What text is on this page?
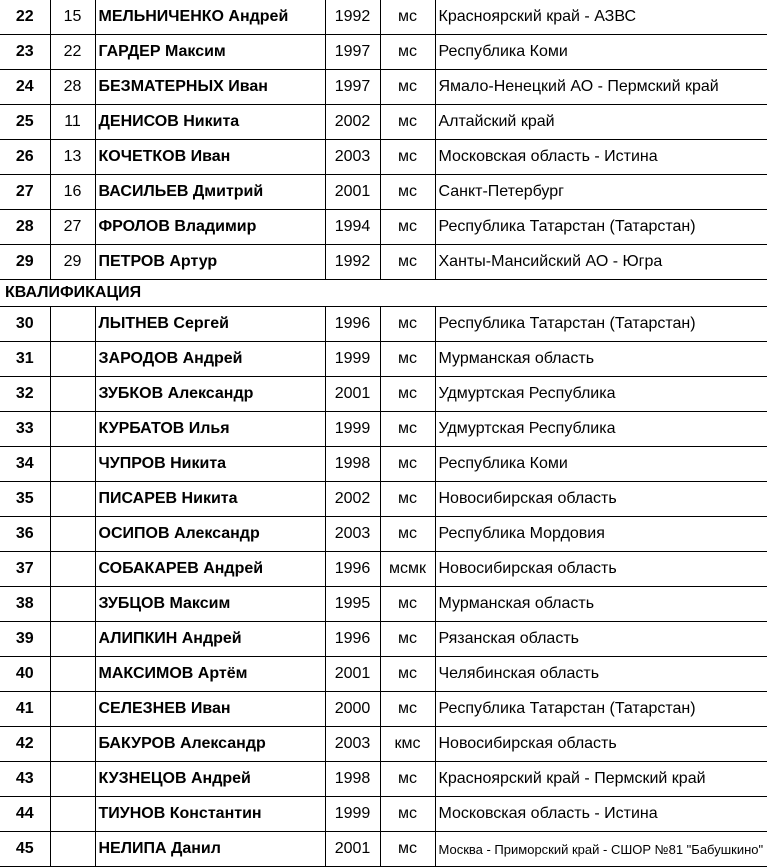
22	15	МЕЛЬНИЧЕНКО Андрей	1992	мс	Красноярский край - АЗВС
23	22	ГАРДЕР Максим	1997	мс	Республика Коми
24	28	БЕЗМАТЕРНЫХ Иван	1997	мс	Ямало-Ненецкий АО - Пермский край
25	11	ДЕНИСОВ Никита	2002	мс	Алтайский край
26	13	КОЧЕТКОВ Иван	2003	мс	Московская область - Истина
27	16	ВАСИЛЬЕВ Дмитрий	2001	мс	Санкт-Петербург
28	27	ФРОЛОВ Владимир	1994	мс	Республика Татарстан (Татарстан)
29	29	ПЕТРОВ Артур	1992	мс	Ханты-Мансийский АО - Югра
КВАЛИФИКАЦИЯ					
30		ЛЫТНЕВ Сергей	1996	мс	Республика Татарстан (Татарстан)
31		ЗАРОДОВ Андрей	1999	мс	Мурманская область
32		ЗУБКОВ Александр	2001	мс	Удмуртская Республика
33		КУРБАТОВ Илья	1999	мс	Удмуртская Республика
34		ЧУПРОВ Никита	1998	мс	Республика Коми
35		ПИСАРЕВ Никита	2002	мс	Новосибирская область
36		ОСИПОВ Александр	2003	мс	Республика Мордовия
37		СОБАКАРЕВ Андрей	1996	мсмк	Новосибирская область
38		ЗУБЦОВ Максим	1995	мс	Мурманская область
39		АЛИПКИН Андрей	1996	мс	Рязанская область
40		МАКСИМОВ Артём	2001	мс	Челябинская область
41		СЕЛЕЗНЕВ Иван	2000	мс	Республика Татарстан (Татарстан)
42		БАКУРОВ Александр	2003	кмс	Новосибирская область
43		КУЗНЕЦОВ Андрей	1998	мс	Красноярский край - Пермский край
44		ТИУНОВ Константин	1999	мс	Московская область - Истина
45		НЕЛИПА Данил	2001	мс	Москва - Приморский край - СШОР №81 "Бабушкино"
